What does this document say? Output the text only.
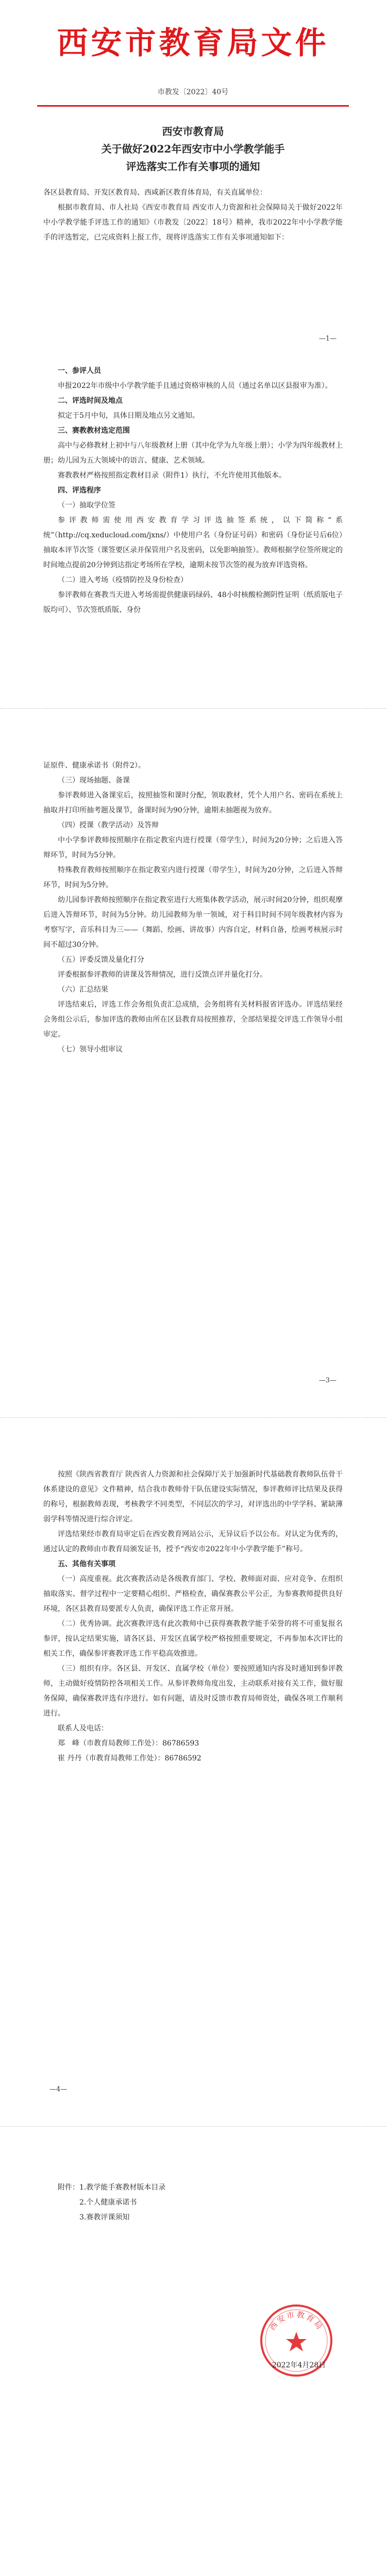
西安市教育局文件
市教发〔2022〕40号
西安市教育局
关于做好2022年西安市中小学教学能手
评选落实工作有关事项的通知

各区县教育局、开发区教育局、西咸新区教育体育局，有关直属单位：

根据市教育局、市人社局《西安市教育局 西安市人力资源和社会保障局关于做好2022年中小学教学能手评选工作的通知》（市教发〔2022〕18号）精神，我市2022年中小学教学能手的评选暂定，已完成资料上报工作，现将评选落实工作有关事项通知如下：

—1—
一、参评人员

申报2022年市级中小学教学能手且通过资格审核的人员（通过名单以区县报审为准）。

二、评选时间及地点

拟定于5月中旬，具体日期及地点另文通知。

三、赛教教材选定范围

高中与必修教材上初中与八年级教材上册（其中化学为九年级上册）；小学为四年级教材上册；幼儿园为五大领域中的语言、健康、艺术领域。

赛教教材严格按照指定教材目录（附件1）执行，不允许使用其他版本。

四、评选程序

（一）抽取学位签

参评教师需使用西安教育学习评选抽签系统，以下简称“系统”（http://cq.xeducloud.com/jxns/）中使用户名（身份证号码）和密码（身份证号后6位）抽取本评节次签（课签要区录并保管用户名及密码，以免影响抽签）。教师根据学位签所规定的时间地点提前20分钟到达指定考场所在学校，逾期未按节次签的视为放弃评选资格。

（二）进入考场（疫情防控及身份检查）

参评教师在赛教当天进入考场需提供健康码绿码、48小时核酸检测阴性证明（纸质版电子版均可）、节次签纸质版、身份

证原件、健康承诺书（附件2）。

（三）现场抽题、备课

参评教师进入备课室后，按照抽签和课时分配，领取教材，凭个人用户名、密码在系统上抽取并打印所抽考题及课节，备课时间为90分钟，逾期未抽题视为放弃。

（四）授课（教学活动）及答辩

中小学参评教师按照顺序在指定教室内进行授课（带学生），时间为20分钟；之后进入答辩环节，时间为5分钟。

特殊教育教师按照顺序在指定教室内进行授课（带学生），时间为20分钟，之后进入答辩环节，时间为5分钟。

幼儿园参评教师按照顺序在指定教室进行大班集体教学活动，展示时间20分钟，组织观摩后进入答辩环节，时间为5分钟。幼儿园教师为单一领域，对于科目时间不同年级教材内容为考察写字，音乐科目为三——（舞蹈、绘画、讲故事）内容自定，材料自备，绘画考核展示时间不超过30分钟。

（五）评委反馈及量化打分

评委根据参评教师的讲课及答辩情况，进行反馈点评并量化打分。

（六）汇总结果

评选结束后，评选工作会务组负责汇总成绩，会务组将有关材料报省评选办。评选结果经会务组公示后，参加评选的教师由所在区县教育局按照推荐，全部结果提交评选工作领导小组审定。

（七）领导小组审议

—3—

按照《陕西省教育厅 陕西省人力资源和社会保障厅关于加强新时代基础教育教师队伍骨干体系建设的意见》文件精神，结合我市教师骨干队伍建设实际情况，参评教师评比结果及获得的称号，根据教师表现，考核教学不同类型，不同层次的学习，对评选出的中学学科、紧缺薄弱学科等情况进行综合评定。

评选结果经市教育局审定后在西安教育网站公示，无异议后予以公布。对认定为优秀的，通过认定的教师由市教育局颁发证书，授予“西安市2022年中小学教学能手”称号。

五、其他有关事项

（一）高度重视。此次赛教活动是各级教育部门、学校、教师面对面、应对竞争、在组织抽取落实、督学过程中一定要精心组织、严格检查，确保赛教公平公正，为参赛教师提供良好环境，各区县教育局要派专人负责，确保评选工作正常开展。

（二）优秀协调。此次赛教评选有此次教师中已获得赛教教学能手荣誉的将不可重复报名参评，按认定结果实施，请各区县、开发区直属学校严格按照重要规定，不再参加本次评比的相关工作，确保参评赛教评选工作平稳高效推进。

（三）组织有序。各区县、开发区、直属学校（单位）要按照通知内容及时通知到参评教师，主动做好疫情防控各项相关工作。从参评教师角度出发，主动联系对接有关工作，做好服务保障，确保赛教评选有序进行。如有问题，请及时反馈市教育局师资处，确保各项工作顺利进行。

联系人及电话：

郑　峰（市教育局教师工作处）：86786593

崔 丹丹（市教育局教师工作处）：86786592

—4—

附件：1.教学能手赛教材版本目录

2.个人健康承诺书

3.赛教评课须知

西安市教育局
2022年4月28日
